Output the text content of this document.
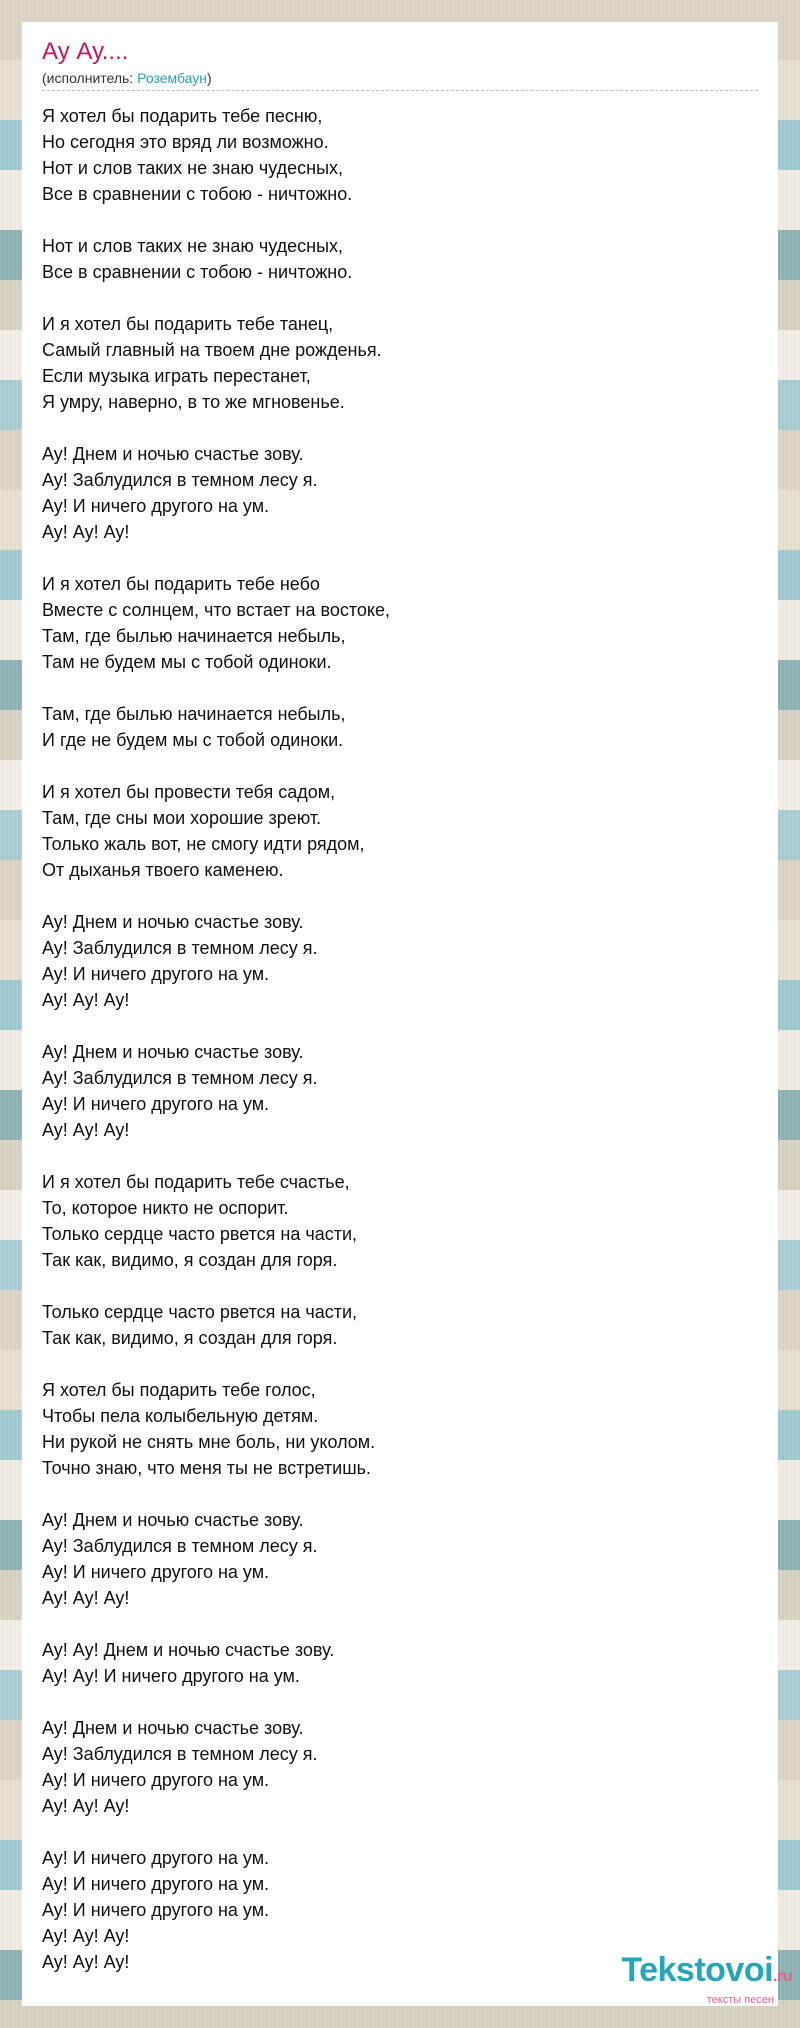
Ау Ау....
(исполнитель: Розембаун)
Я хотел бы подарить тебе песню,
Но сегодня это вряд ли возможно.
Нот и слов таких не знаю чудесных,
Все в сравнении с тобою - ничтожно.
Нот и слов таких не знаю чудесных,
Все в сравнении с тобою - ничтожно.
И я хотел бы подарить тебе танец,
Самый главный на твоем дне рожденья.
Если музыка играть перестанет,
Я умру, наверно, в то же мгновенье.
Ау! Днем и ночью счастье зову.
Ау! Заблудился в темном лесу я.
Ау! И ничего другого на ум.
Ау! Ау! Ау!
И я хотел бы подарить тебе небо
Вместе с солнцем, что встает на востоке,
Там, где былью начинается небыль,
Там не будем мы с тобой одиноки.
Там, где былью начинается небыль,
И где не будем мы с тобой одиноки.
И я хотел бы провести тебя садом,
Там, где сны мои хорошие зреют.
Только жаль вот, не смогу идти рядом,
От дыханья твоего каменею.
Ау! Днем и ночью счастье зову.
Ау! Заблудился в темном лесу я.
Ау! И ничего другого на ум.
Ау! Ау! Ау!
Ау! Днем и ночью счастье зову.
Ау! Заблудился в темном лесу я.
Ау! И ничего другого на ум.
Ау! Ау! Ау!
И я хотел бы подарить тебе счастье,
То, которое никто не оспорит.
Только сердце часто рвется на части,
Так как, видимо, я создан для горя.
Только сердце часто рвется на части,
Так как, видимо, я создан для горя.
Я хотел бы подарить тебе голос,
Чтобы пела колыбельную детям.
Ни рукой не снять мне боль, ни уколом.
Точно знаю, что меня ты не встретишь.
Ау! Днем и ночью счастье зову.
Ау! Заблудился в темном лесу я.
Ау! И ничего другого на ум.
Ау! Ау! Ау!
Ау! Ау! Днем и ночью счастье зову.
Ау! Ау! И ничего другого на ум.
Ау! Днем и ночью счастье зову.
Ау! Заблудился в темном лесу я.
Ау! И ничего другого на ум.
Ау! Ау! Ау!
Ау! И ничего другого на ум.
Ау! И ничего другого на ум.
Ау! И ничего другого на ум.
Ау! Ау! Ау!
Ау! Ау! Ау!	Tekstovoi.ru
тексты песен
